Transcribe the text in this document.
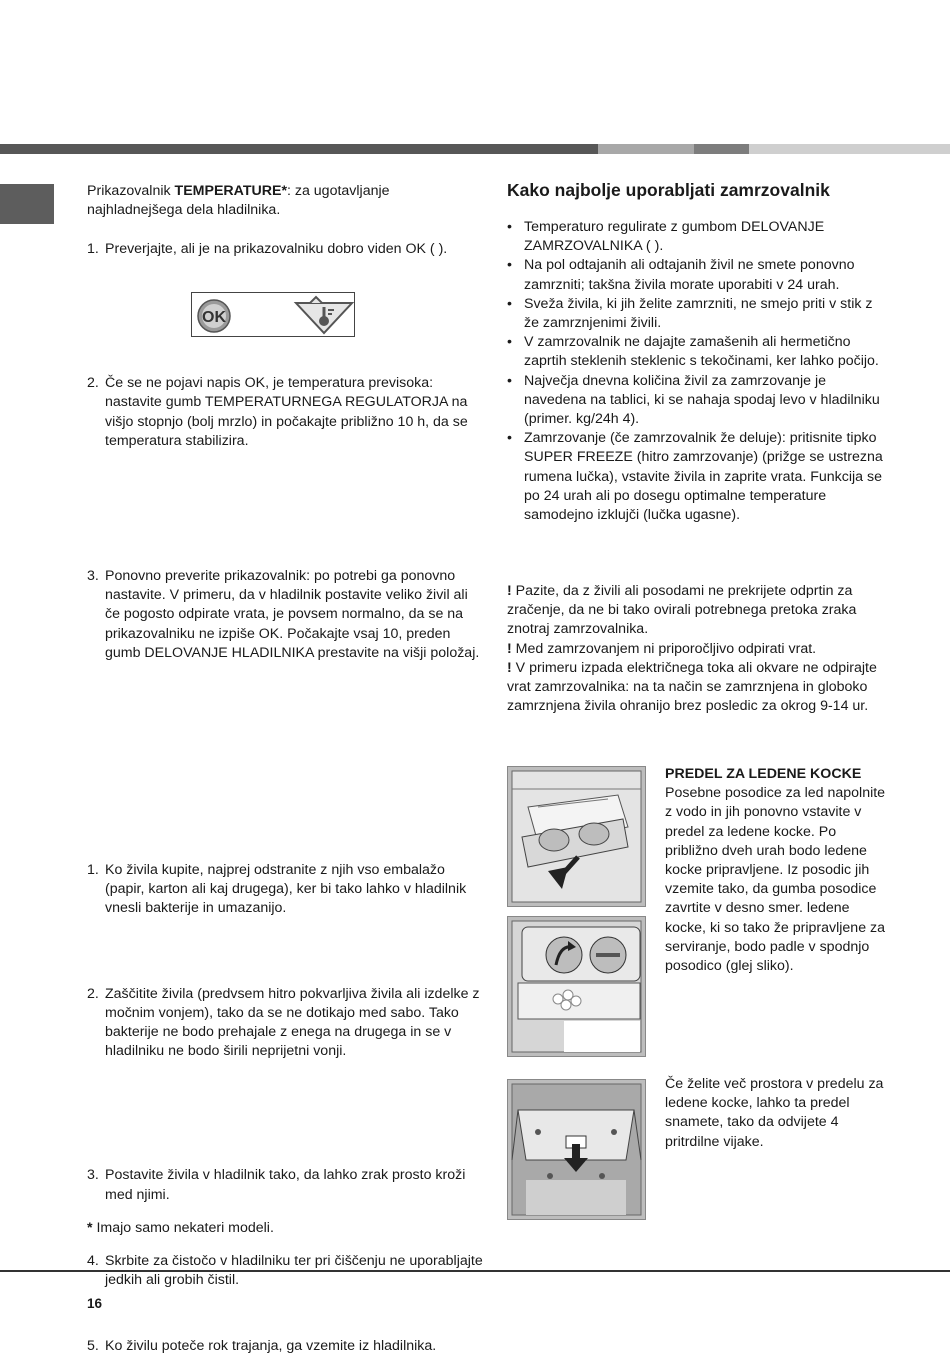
Prikazovalnik TEMPERATURE*: za ugotavljanje najhladnejšega dela hladilnika.

1. Preverjajte, ali je na prikazovalniku dobro viden OK ( ).
OK
2. Če se ne pojavi napis OK, je temperatura previsoka: nastavite gumb TEMPERATURNEGA REGULATORJA na višjo stopnjo (bolj mrzlo) in počakajte približno 10 h, da se temperatura stabilizira.
3. Ponovno preverite prikazovalnik: po potrebi ga ponovno nastavite. V primeru, da v hladilnik postavite veliko živil ali če pogosto odpirate vrata, je povsem normalno, da se na prikazovalniku ne izpiše OK. Počakajte vsaj 10, preden gumb DELOVANJE HLADILNIKA prestavite na višji položaj.
1. Ko živila kupite, najprej odstranite z njih vso embalažo (papir, karton ali kaj drugega), ker bi tako lahko v hladilnik vnesli bakterije in umazanijo.
2. Zaščitite živila (predvsem hitro pokvarljiva živila ali izdelke z močnim vonjem), tako da se ne dotikajo med sabo. Tako bakterije ne bodo prehajale z enega na drugega in se v hladilniku ne bodo širili neprijetni vonji.
3. Postavite živila v hladilnik tako, da lahko zrak prosto kroži med njimi.
4. Skrbite za čistočo v hladilniku ter pri čiščenju ne uporabljajte jedkih ali grobih čistil.
5. Ko živilu poteče rok trajanja, ga vzemite iz hladilnika.
* Imajo samo nekateri modeli.
Kako najbolje uporabljati zamrzovalnik
• Temperaturo regulirate z gumbom DELOVANJE ZAMRZOVALNIKA ( ).
• Na pol odtajanih ali odtajanih živil ne smete ponovno zamrzniti; takšna živila morate uporabiti v 24 urah.
• Sveža živila, ki jih želite zamrzniti, ne smejo priti v stik z že zamrznjenimi živili.
• V zamrzovalnik ne dajajte zamašenih ali hermetično zaprtih steklenih steklenic s tekočinami, ker lahko počijo.
• Največja dnevna količina živil za zamrzovanje je navedena na tablici, ki se nahaja spodaj levo v hladilniku (primer. kg/24h 4).
• Zamrzovanje (če zamrzovalnik že deluje): pritisnite tipko SUPER FREEZE (hitro zamrzovanje) (prižge se ustrezna rumena lučka), vstavite živila in zaprite vrata. Funkcija se po 24 urah ali po dosegu optimalne temperature samodejno izklujči (lučka ugasne).

! Pazite, da z živili ali posodami ne prekrijete odprtin za zračenje, da ne bi tako ovirali potrebnega pretoka zraka znotraj zamrzovalnika.

! Med zamrzovanjem ni priporočljivo odpirati vrat.

! V primeru izpada električnega toka ali okvare ne odpirajte vrat zamrzovalnika: na ta način se zamrznjena in globoko zamrznjena živila ohranijo brez posledic za okrog 9-14 ur.

PREDEL ZA LEDENE KOCKE
Posebne posodice za led napolnite z vodo in jih ponovno vstavite v predel za ledene kocke. Po približno dveh urah bodo ledene kocke pripravljene. Iz posodic jih vzemite tako, da gumba posodice zavrtite v desno smer. ledene kocke, ki so tako že pripravljene za serviranje, bodo padle v spodnjo posodico (glej sliko).
Če želite več prostora v predelu za ledene kocke, lahko ta predel snamete, tako da odvijete 4 pritrdilne vijake.
16
